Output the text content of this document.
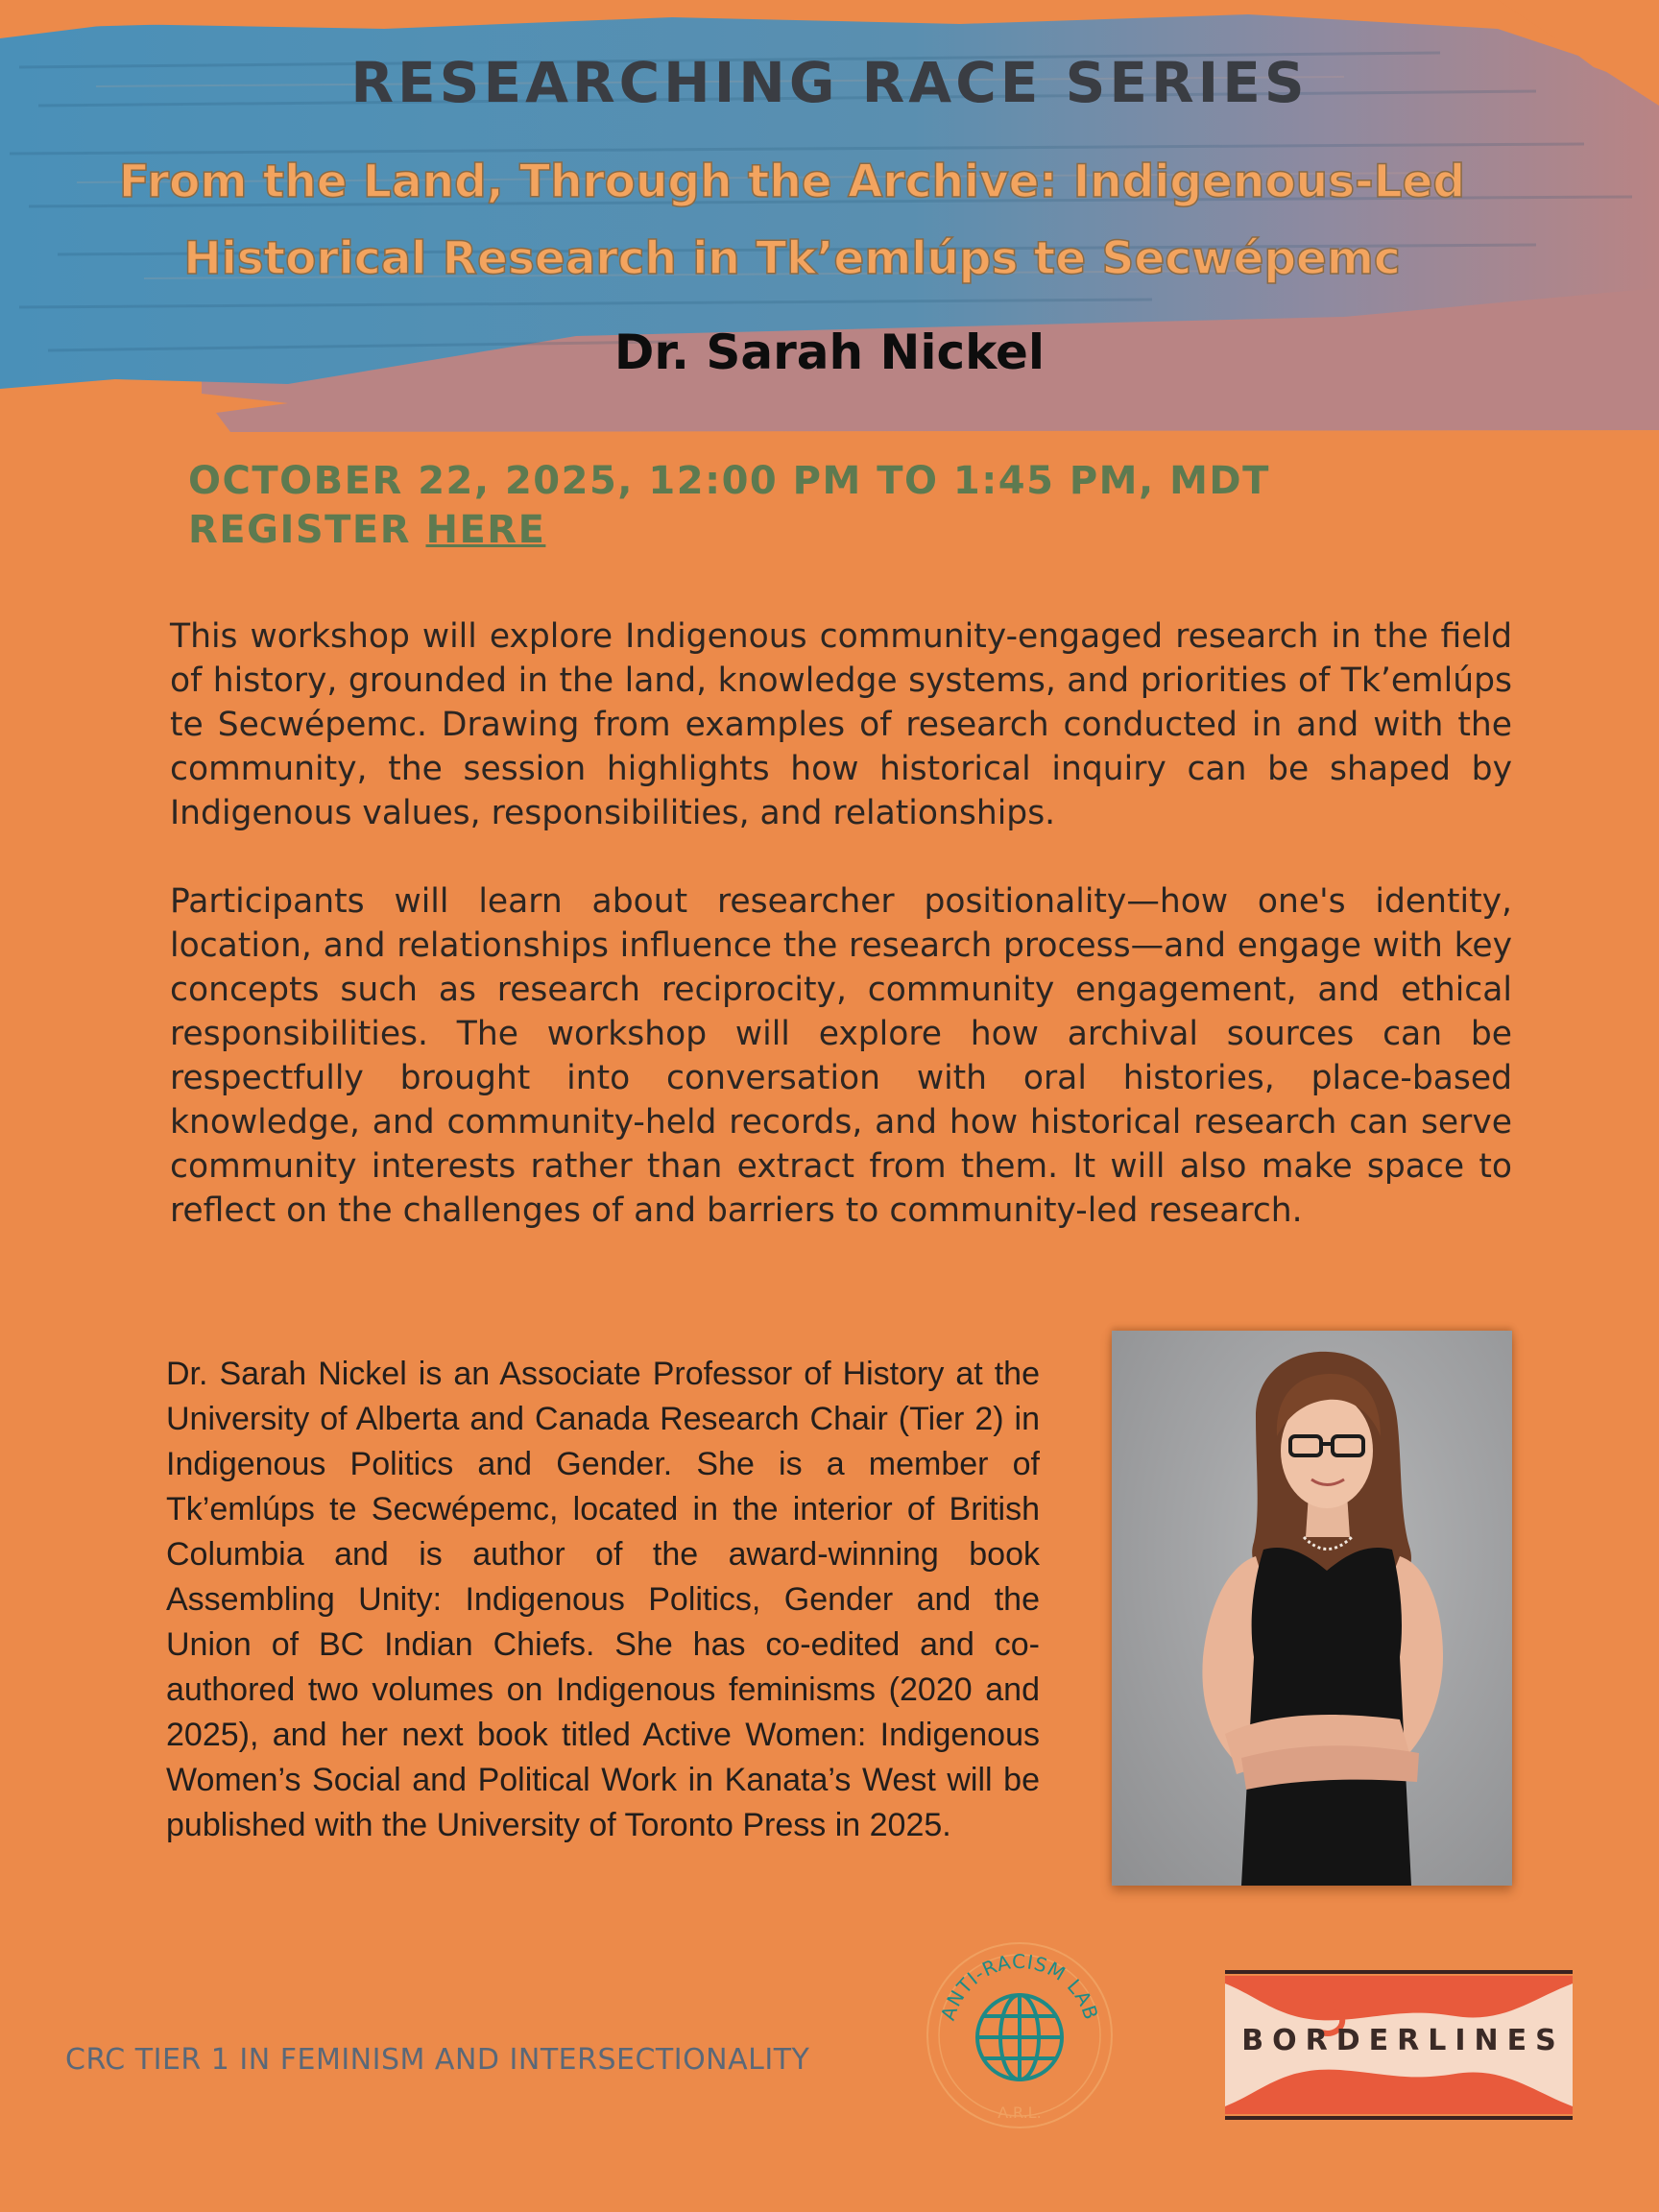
RESEARCHING RACE SERIES
From the Land, Through the Archive: Indigenous-Led
Historical Research in Tk’emlúps te Secwépemc
Dr. Sarah Nickel
OCTOBER 22, 2025, 12:00 PM TO 1:45 PM, MDT
REGISTER HERE

This workshop will explore Indigenous community-engaged research in the field of history, grounded in the land, knowledge systems, and priorities of Tk’emlúps te Secwépemc. Drawing from examples of research conducted in and with the community, the session highlights how historical inquiry can be shaped by Indigenous values, responsibilities, and relationships.

Participants will learn about researcher positionality—how one's identity, location, and relationships influence the research process—and engage with key concepts such as research reciprocity, community engagement, and ethical responsibilities. The workshop will explore how archival sources can be respectfully brought into conversation with oral histories, place-based knowledge, and community-held records, and how historical research can serve community interests rather than extract from them. It will also make space to reflect on the challenges of and barriers to community-led research.

Dr. Sarah Nickel is an Associate Professor of History at the University of Alberta and Canada Research Chair (Tier 2) in Indigenous Politics and Gender. She is a member of Tk’emlúps te Secwépemc, located in the interior of British Columbia and is author of the award-winning book Assembling Unity: Indigenous Politics, Gender and the Union of BC Indian Chiefs. She has co-edited and co-authored two volumes on Indigenous feminisms (2020 and 2025), and her next book titled Active Women: Indigenous Women’s Social and Political Work in Kanata’s West will be published with the University of Toronto Press in 2025.

CRC TIER 1 IN FEMINISM AND INTERSECTIONALITY
ANTI-RACISM LAB
A.R.L.
BORDERLINES
